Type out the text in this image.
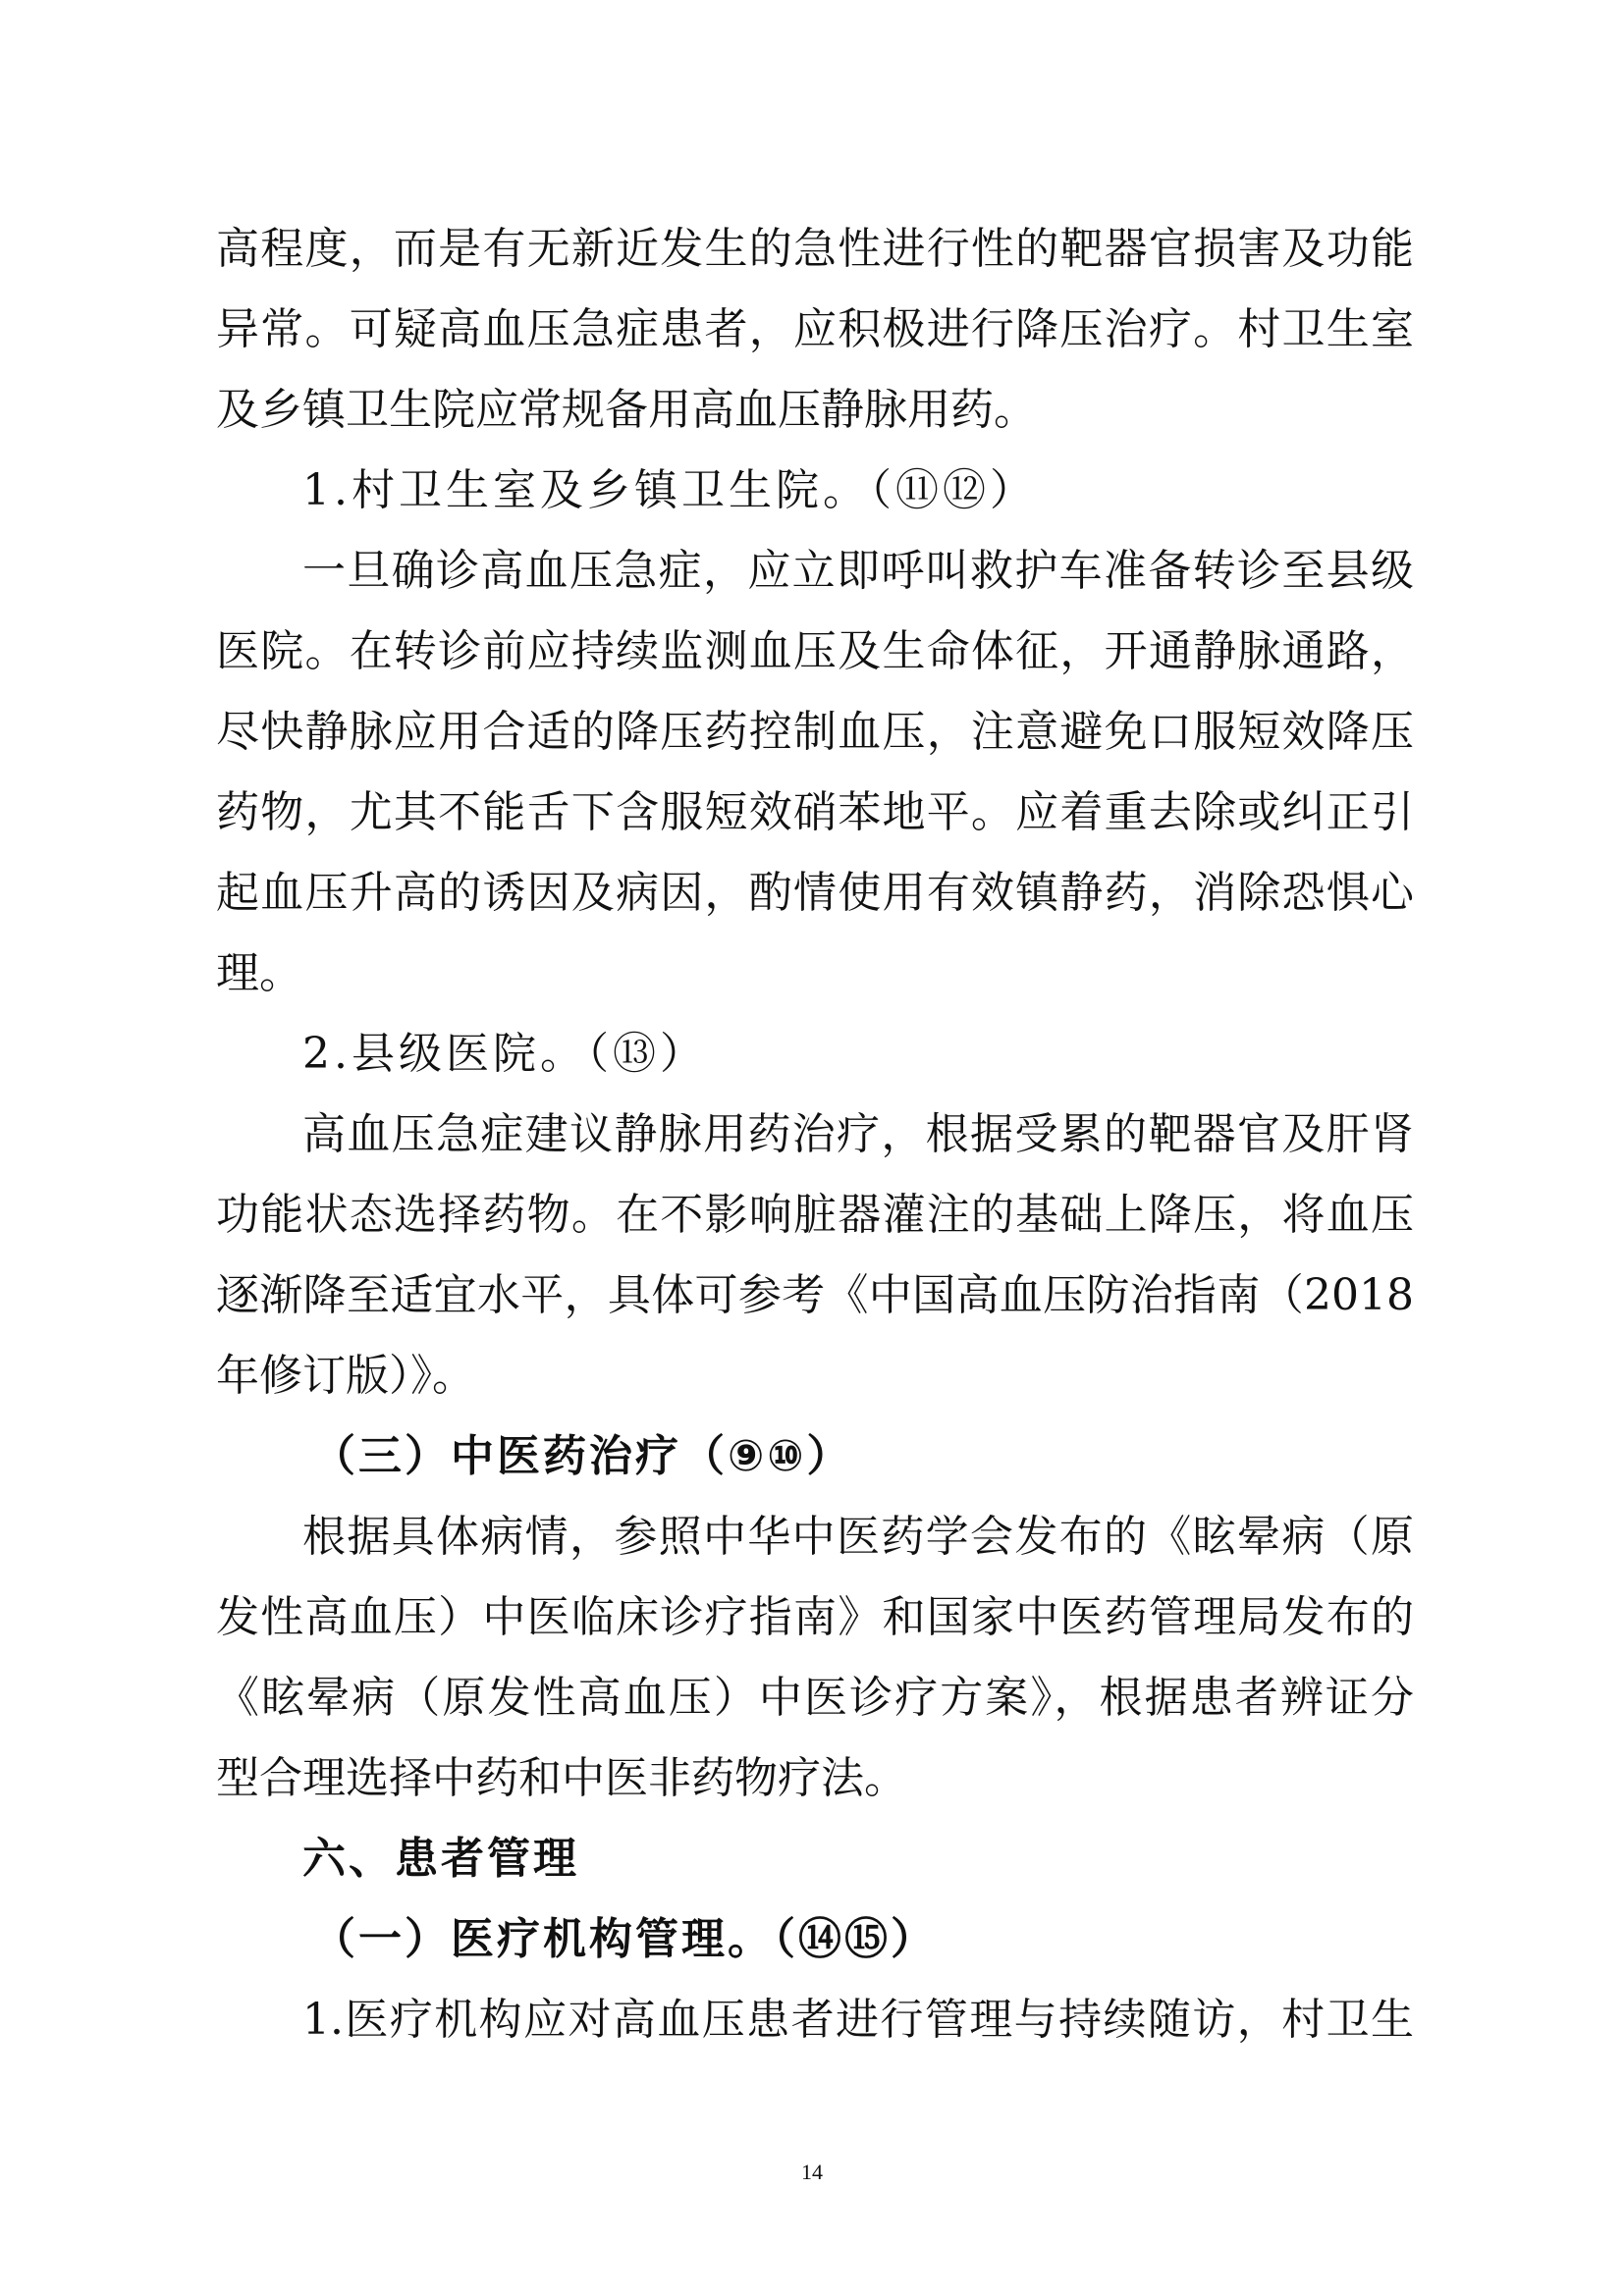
高程度，而是有无新近发生的急性进行性的靶器官损害及功能
异常。可疑高血压急症患者，应积极进行降压治疗。村卫生室
及乡镇卫生院应常规备用高血压静脉用药。
1.村卫生室及乡镇卫生院。（⑪⑫）
一旦确诊高血压急症，应立即呼叫救护车准备转诊至县级
医院。在转诊前应持续监测血压及生命体征，开通静脉通路，
尽快静脉应用合适的降压药控制血压，注意避免口服短效降压
药物，尤其不能舌下含服短效硝苯地平。应着重去除或纠正引
起血压升高的诱因及病因，酌情使用有效镇静药，消除恐惧心
理。
2.县级医院。（⑬）
高血压急症建议静脉用药治疗，根据受累的靶器官及肝肾
功能状态选择药物。在不影响脏器灌注的基础上降压，将血压
逐渐降至适宜水平，具体可参考《中国高血压防治指南（2018
年修订版）》。
（三）中医药治疗（⑨⑩）
根据具体病情，参照中华中医药学会发布的《眩晕病（原
发性高血压）中医临床诊疗指南》和国家中医药管理局发布的
《眩晕病（原发性高血压）中医诊疗方案》，根据患者辨证分
型合理选择中药和中医非药物疗法。
六、患者管理
（一）医疗机构管理。（⑭⑮）
1.医疗机构应对高血压患者进行管理与持续随访，村卫生
14
